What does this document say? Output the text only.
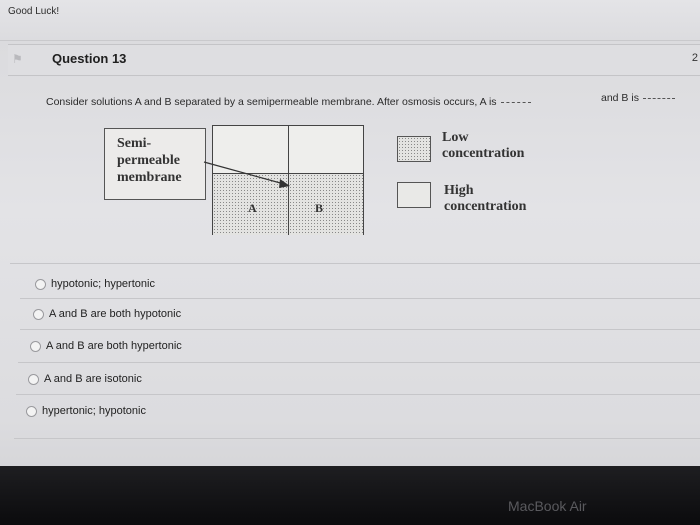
Good Luck!
⚑ Question 13	2
Consider solutions A and B separated by a semipermeable membrane. After osmosis occurs, A is	and B is
Semi-
permeable
membrane
A	B
Low
concentration
High
concentration
hypotonic; hypertonic
A and B are both hypotonic
A and B are both hypertonic
A and B are isotonic
hypertonic; hypotonic
MacBook Air
